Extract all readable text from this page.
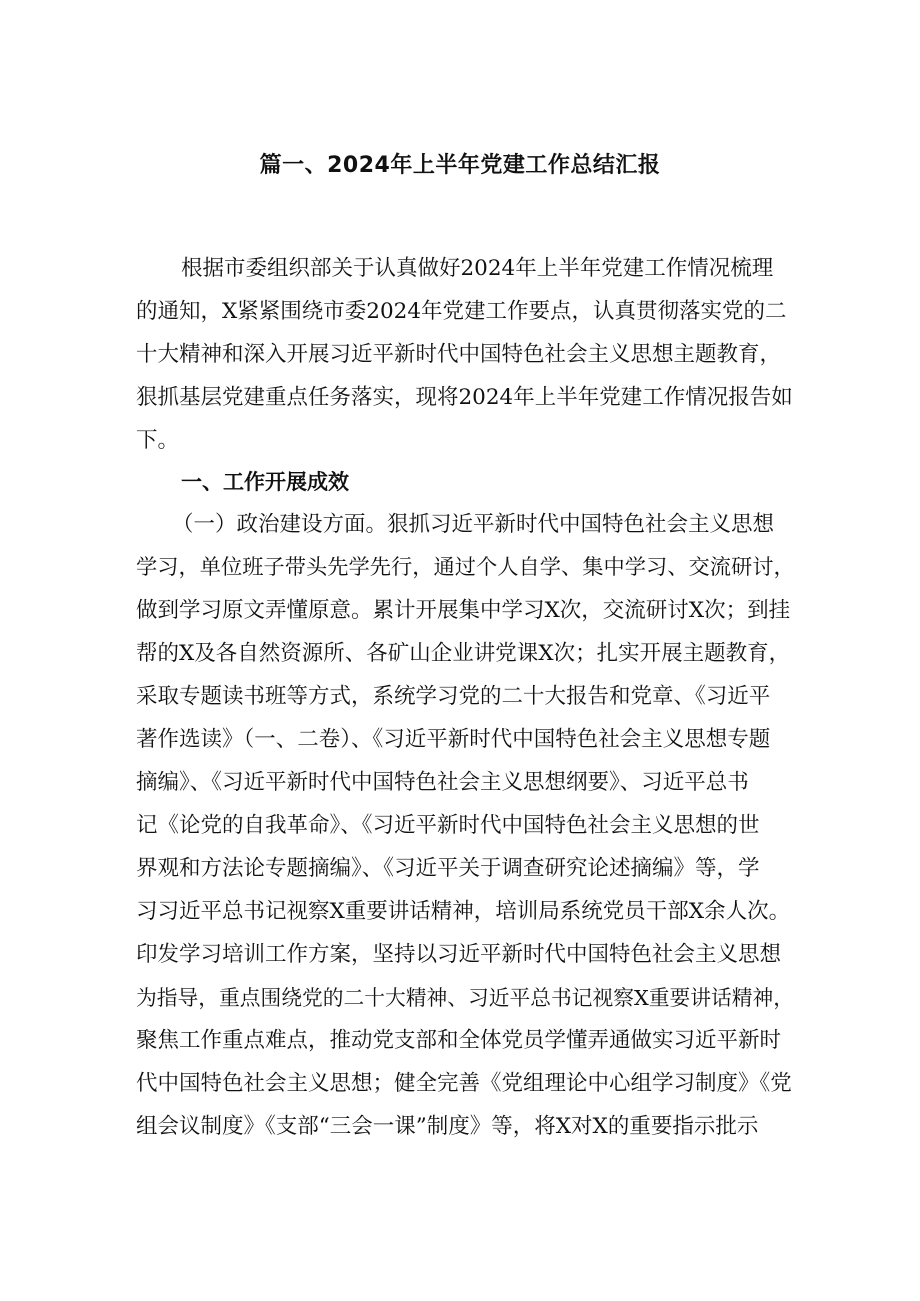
篇一、2024年上半年党建工作总结汇报
根据市委组织部关于认真做好2024年上半年党建工作情况梳理
的通知，X紧紧围绕市委2024年党建工作要点，认真贯彻落实党的二
十大精神和深入开展习近平新时代中国特色社会主义思想主题教育，
狠抓基层党建重点任务落实，现将2024年上半年党建工作情况报告如
下。
一、工作开展成效
（一）政治建设方面。狠抓习近平新时代中国特色社会主义思想
学习，单位班子带头先学先行，通过个人自学、集中学习、交流研讨，
做到学习原文弄懂原意。累计开展集中学习X次，交流研讨X次；到挂
帮的X及各自然资源所、各矿山企业讲党课X次；扎实开展主题教育，
采取专题读书班等方式，系统学习党的二十大报告和党章、《习近平
著作选读》（一、二卷）、《习近平新时代中国特色社会主义思想专题
摘编》、《习近平新时代中国特色社会主义思想纲要》、习近平总书
记《论党的自我革命》、《习近平新时代中国特色社会主义思想的世
界观和方法论专题摘编》、《习近平关于调查研究论述摘编》等，学
习习近平总书记视察X重要讲话精神，培训局系统党员干部X余人次。
印发学习培训工作方案，坚持以习近平新时代中国特色社会主义思想
为指导，重点围绕党的二十大精神、习近平总书记视察X重要讲话精神，
聚焦工作重点难点，推动党支部和全体党员学懂弄通做实习近平新时
代中国特色社会主义思想；健全完善《党组理论中心组学习制度》《党
组会议制度》《支部“三会一课”制度》等，将X对X的重要指示批示
